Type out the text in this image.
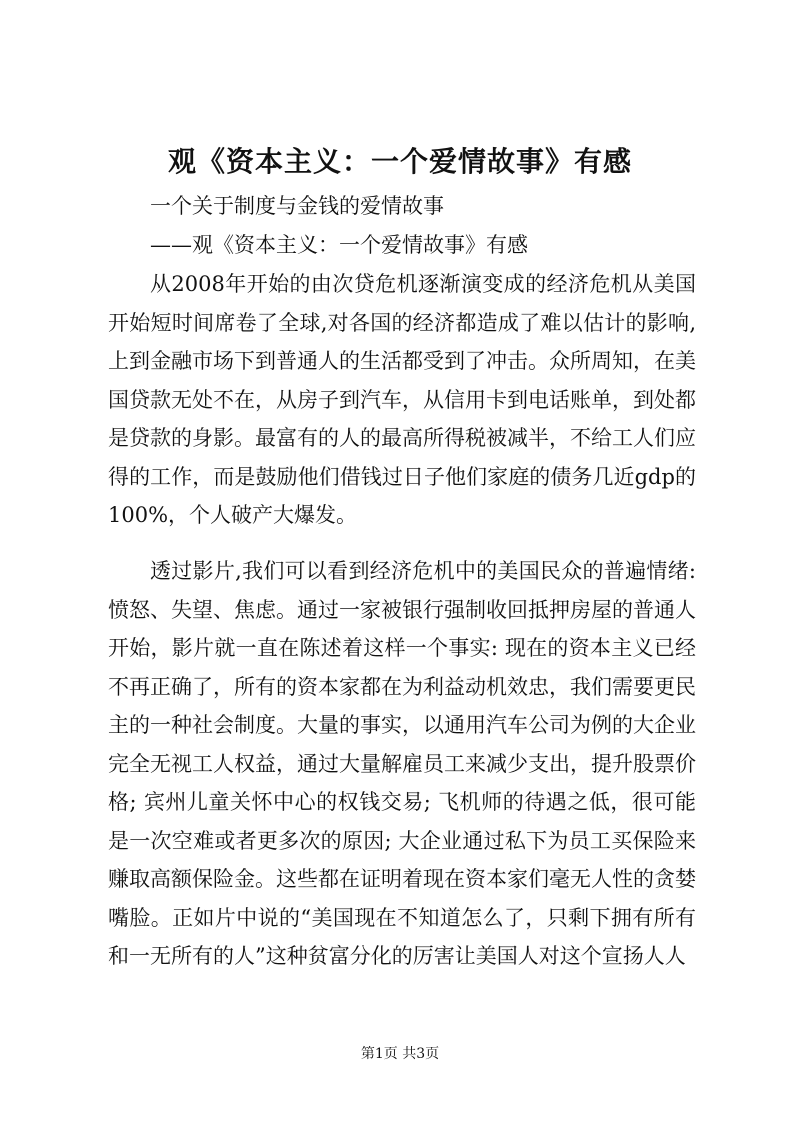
观《资本主义：一个爱情故事》有感
一个关于制度与金钱的爱情故事
——观《资本主义：一个爱情故事》有感

从2008年开始的由次贷危机逐渐演变成的经济危机从美国开始短时间席卷了全球,对各国的经济都造成了难以估计的影响,上到金融市场下到普通人的生活都受到了冲击。众所周知，在美国贷款无处不在，从房子到汽车，从信用卡到电话账单，到处都是贷款的身影。最富有的人的最高所得税被减半，不给工人们应得的工作，而是鼓励他们借钱过日子他们家庭的债务几近gdp的100%，个人破产大爆发。

透过影片,我们可以看到经济危机中的美国民众的普遍情绪:愤怒、失望、焦虑。通过一家被银行强制收回抵押房屋的普通人开始，影片就一直在陈述着这样一个事实: 现在的资本主义已经不再正确了，所有的资本家都在为利益动机效忠，我们需要更民主的一种社会制度。大量的事实，以通用汽车公司为例的大企业完全无视工人权益，通过大量解雇员工来减少支出，提升股票价格; 宾州儿童关怀中心的权钱交易; 飞机师的待遇之低，很可能是一次空难或者更多次的原因; 大企业通过私下为员工买保险来赚取高额保险金。这些都在证明着现在资本家们毫无人性的贪婪嘴脸。正如片中说的“美国现在不知道怎么了，只剩下拥有所有和一无所有的人”这种贫富分化的厉害让美国人对这个宣扬人人

第1页 共3页
